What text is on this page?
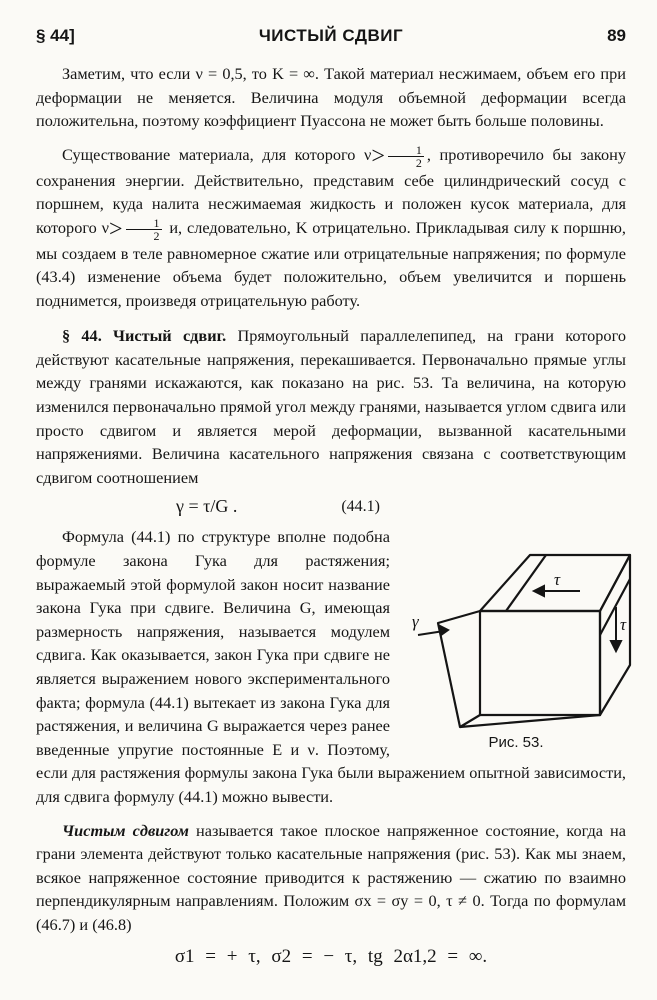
§ 44]	ЧИСТЫЙ СДВИГ	89

Заметим, что если ν = 0,5, то K = ∞. Такой материал несжимаем, объем его при деформации не меняется. Величина модуля объемной деформации всегда положительна, поэтому коэффициент Пуассона не может быть больше половины.

Существование материала, для которого $\nu> \frac{1}{2}$ , противоречило бы закону сохранения энергии. Действительно, представим себе цилиндрический сосуд с поршнем, куда налита несжимаемая жидкость и положен кусок материала, для которого $\nu> \frac{1}{2} и$, следовательно, K отрицательно. Прикладывая силу к поршню, мы создаем в теле равномерное сжатие или отрицательные напряжения; по формуле (43.4) изменение объема будет положительно, объем увеличится и поршень поднимется, произведя отрицательную работу.

§ 44. Чистый сдвиг. Прямоугольный параллелепипед, на грани которого действуют касательные напряжения, перекашивается. Первоначально прямые углы между гранями искажаются, как показано на рис. 53. Та величина, на которую изменился первоначально прямой угол между гранями, называется углом сдвига или просто сдвигом и является мерой деформации, вызванной касательными напряжениями. Величина касательного напряжения связана с соответствующим сдвигом соотношением

τ
τ
γ
Рис. 53.
γ = τ/G .	(44.1)

Формула (44.1) по структуре вполне подобна формуле закона Гука для растяжения; выражаемый этой формулой закон носит название закона Гука при сдвиге. Величина G, имеющая размерность напряжения, называется модулем сдвига. Как оказывается, закон Гука при сдвиге не является выражением нового экспериментального факта; формула (44.1) вытекает из закона Гука для растяжения, и величина G выражается через ранее введенные упругие постоянные E и ν. Поэтому, если для растяжения формулы закона Гука были выражением опытной зависимости, для сдвига формулу (44.1) можно вывести.

Чистым сдвигом называется такое плоское напряженное состояние, когда на грани элемента действуют только касательные напряжения (рис. 53). Как мы знаем, всякое напряженное состояние приводится к растяжению — сжатию по взаимно перпендикулярным направлениям. Положим σx = σy = 0, τ ≠ 0. Тогда по формулам (46.7) и (46.8)

σ1 = + τ, σ2 = − τ, tg 2α1,2 = ∞.
